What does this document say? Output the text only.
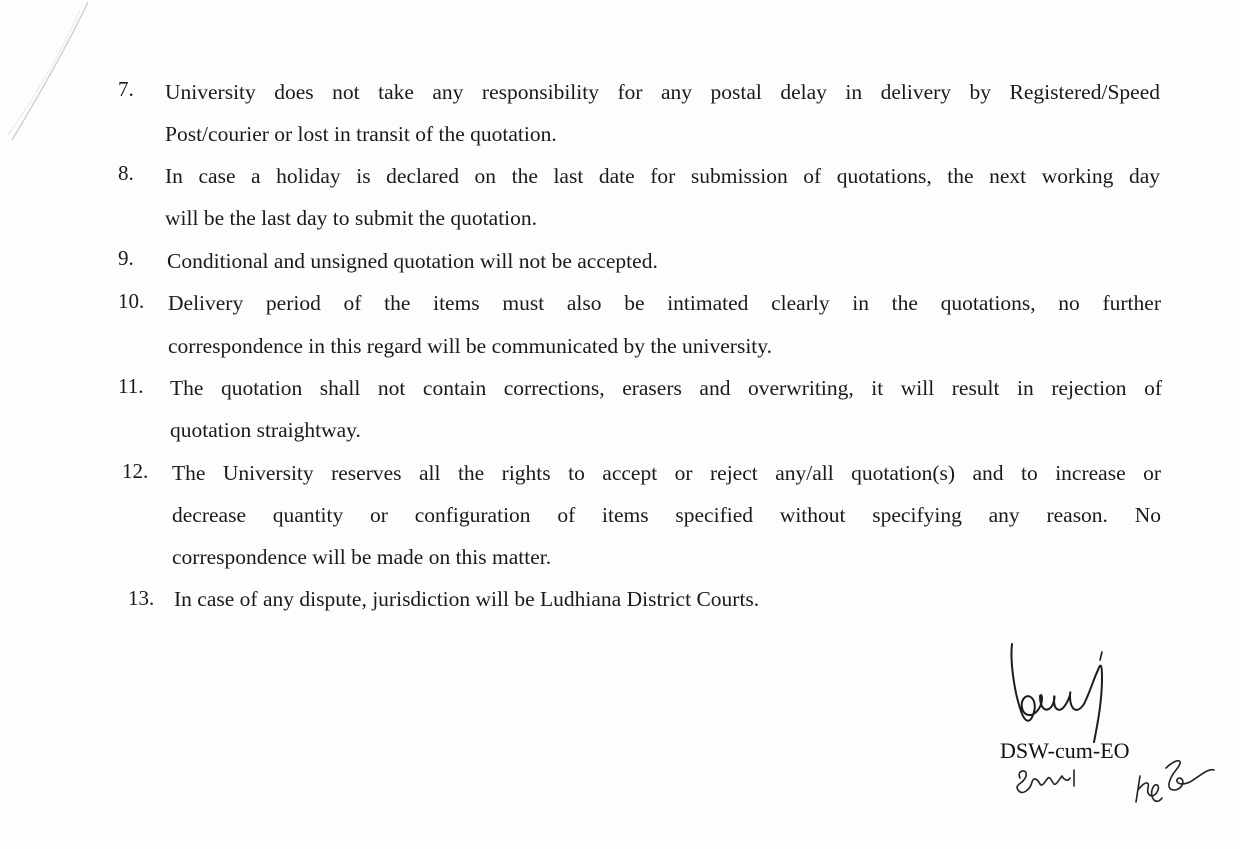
7. University does not take any responsibility for any postal delay in delivery by Registered/Speed
Post/courier or lost in transit of the quotation.
8. In case a holiday is declared on the last date for submission of quotations, the next working day
will be the last day to submit the quotation.
9. Conditional and unsigned quotation will not be accepted.
10. Delivery period of the items must also be intimated clearly in the quotations, no further
correspondence in this regard will be communicated by the university.
11. The quotation shall not contain corrections, erasers and overwriting, it will result in rejection of
quotation straightway.
12. The University reserves all the rights to accept or reject any/all quotation(s) and to increase or
decrease quantity or configuration of items specified without specifying any reason. No
correspondence will be made on this matter.
13. In case of any dispute, jurisdiction will be Ludhiana District Courts.
DSW-cum-EO
